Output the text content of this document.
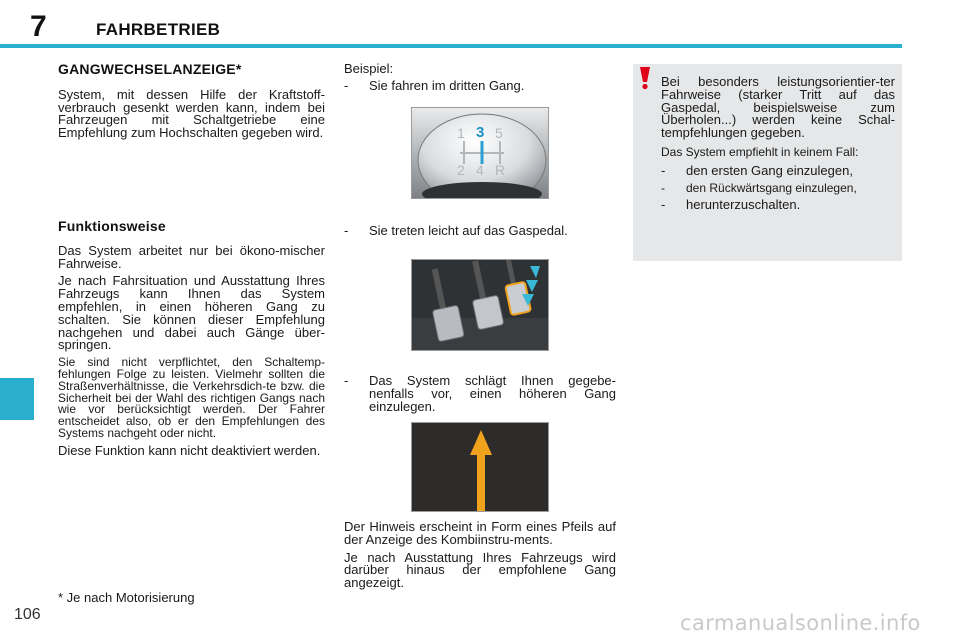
7	FAHRBETRIEB
GANGWECHSELANZEIGE*

System, mit dessen Hilfe der Kraftstoff-verbrauch gesenkt werden kann, indem bei Fahrzeugen mit Schaltgetriebe eine Empfehlung zum Hochschalten gegeben wird.

Funktionsweise

Das System arbeitet nur bei ökono-mischer Fahrweise.

Je nach Fahrsituation und Ausstattung Ihres Fahrzeugs kann Ihnen das System empfehlen, in einen höheren Gang zu schalten. Sie können dieser Empfehlung nachgehen und dabei auch Gänge über-springen.

Sie sind nicht verpflichtet, den Schaltemp-fehlungen Folge zu leisten. Vielmehr sollten die Straßenverhältnisse, die Verkehrsdich-te bzw. die Sicherheit bei der Wahl des richtigen Gangs nach wie vor berücksichtigt werden. Der Fahrer entscheidet also, ob er den Empfehlungen des Systems nachgeht oder nicht.

Diese Funktion kann nicht deaktiviert werden.

* Je nach Motorisierung

Beispiel:

- Sie fahren im dritten Gang.
1 3 5
2 4 R
- Sie treten leicht auf das Gaspedal.
- Das System schlägt Ihnen gegebe-nenfalls vor, einen höheren Gang einzulegen.

Der Hinweis erscheint in Form eines Pfeils auf der Anzeige des Kombiinstru-ments.

Je nach Ausstattung Ihres Fahrzeugs wird darüber hinaus der empfohlene Gang angezeigt.

Bei besonders leistungsorientier-ter Fahrweise (starker Tritt auf das Gaspedal, beispielsweise zum Überholen...) werden keine Schal-tempfehlungen gegeben.

Das System empfiehlt in keinem Fall:

- den ersten Gang einzulegen,
- den Rückwärtsgang einzulegen,
- herunterzuschalten.
106	carmanualsonline.info
